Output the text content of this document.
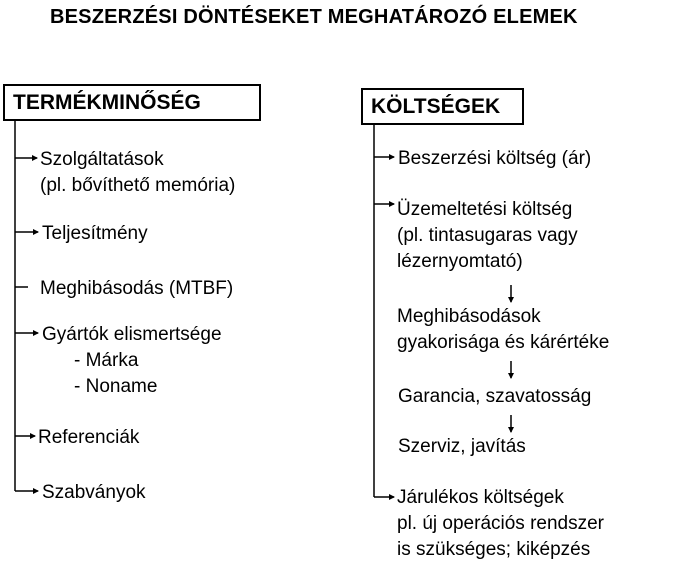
BESZERZÉSI DÖNTÉSEKET MEGHATÁROZÓ ELEMEK
TERMÉKMINŐSÉG	KÖLTSÉGEK
Szolgáltatások
(pl. bővíthető memória)
Teljesítmény
Meghibásodás (MTBF)
Gyártók elismertsége
- Márka
- Noname
Referenciák
Szabványok
Beszerzési költség (ár)
Üzemeltetési költség
(pl. tintasugaras vagy
lézernyomtató)
Meghibásodások
gyakorisága és kárértéke
Garancia, szavatosság
Szerviz, javítás
Járulékos költségek
pl. új operációs rendszer
is szükséges; kiképzés
